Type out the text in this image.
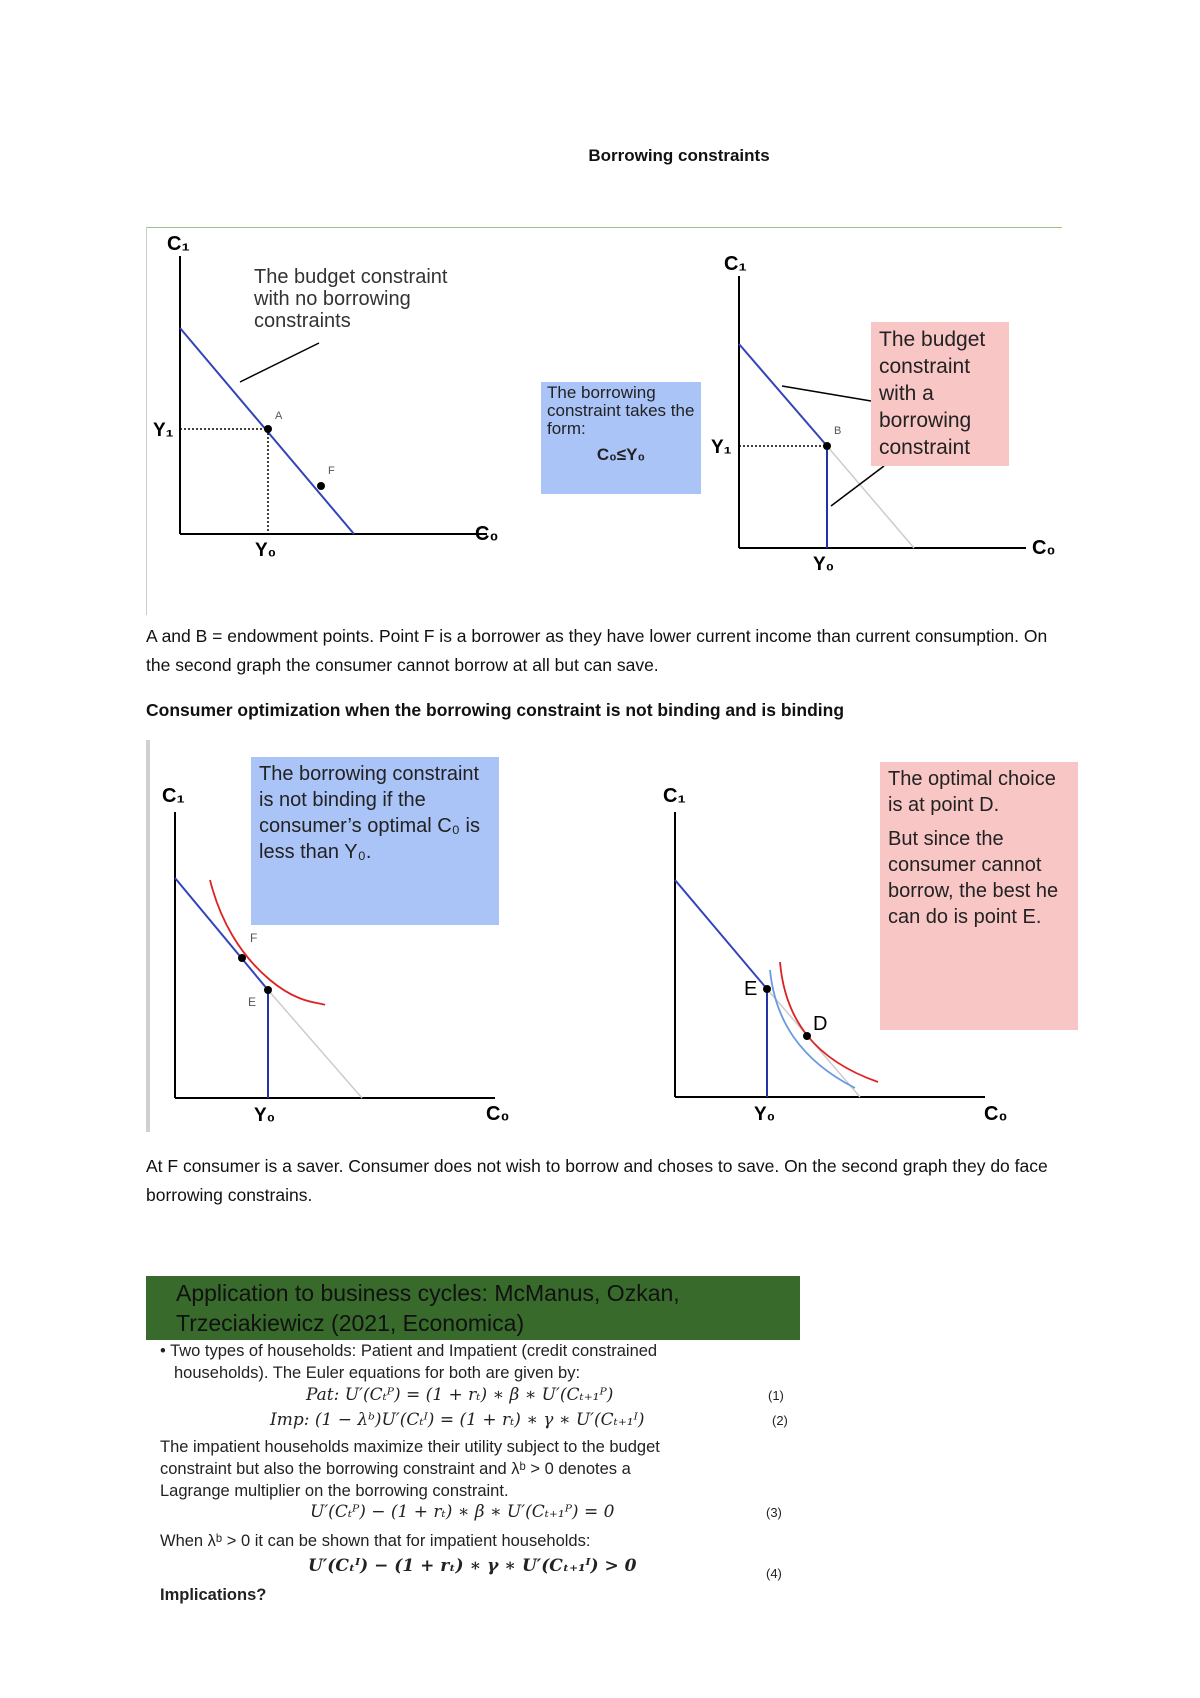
Borrowing constraints
C₁
C₀
A
F
Y₁
Y₀
The budget constraint with no borrowing constraints
The borrowing constraint takes the form:
C₀≤Y₀
C₁
C₀
B
Y₁
Y₀
The budget constraint with a borrowing constraint
A and B = endowment points. Point F is a borrower as they have lower current income than current consumption. On the second graph the consumer cannot borrow at all but can save.
Consumer optimization when the borrowing constraint is not binding and is binding
C₁
C₀
F
E
Y₀
The borrowing constraint is not binding if the consumer’s optimal C₀ is less than Y₀.
C₁
C₀
E
D
Y₀
The optimal choice is at point D.
But since the consumer cannot borrow, the best he can do is point E.
At F consumer is a saver. Consumer does not wish to borrow and choses to save. On the second graph they do face borrowing constrains.
Application to business cycles: McManus, Ozkan,
Trzeciakiewicz (2021, Economica)
• Two types of households: Patient and Impatient (credit constrained
households). The Euler equations for both are given by:
Pat: U′(Cₜᴾ) = (1 + rₜ) ∗ β ∗ U′(Cₜ₊₁ᴾ)	(1)
Imp: (1 − λᵇ)U′(Cₜᴵ) = (1 + rₜ) ∗ γ ∗ U′(Cₜ₊₁ᴵ)	(2)
The impatient households maximize their utility subject to the budget
constraint but also the borrowing constraint and λᵇ > 0 denotes a
Lagrange multiplier on the borrowing constraint.
U′(Cₜᴾ) − (1 + rₜ) ∗ β ∗ U′(Cₜ₊₁ᴾ) = 0	(3)
When λᵇ > 0 it can be shown that for impatient households:
U′(Cₜᴵ) − (1 + rₜ) ∗ γ ∗ U′(Cₜ₊₁ᴵ) > 0	(4)
Implications?
